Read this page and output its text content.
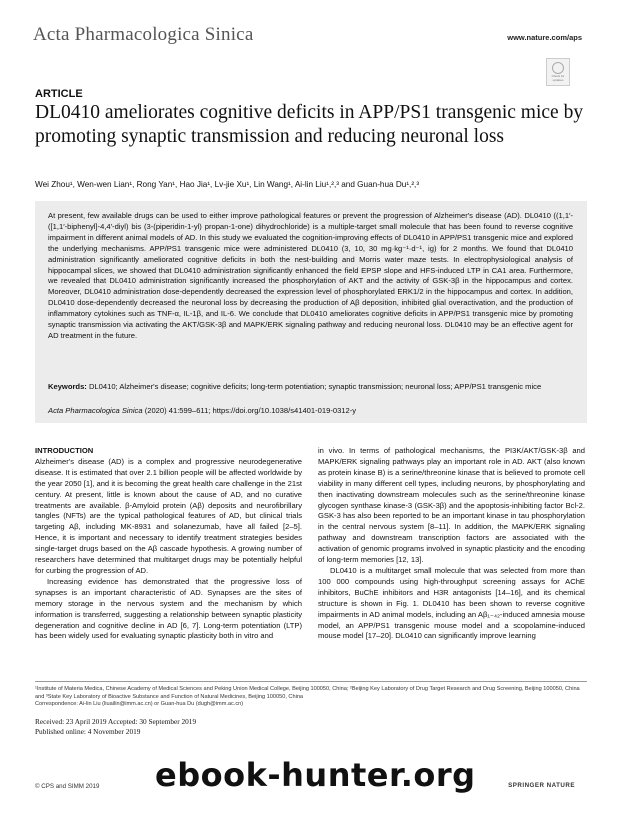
Acta Pharmacologica Sinica	www.nature.com/aps
Check for updates
ARTICLE
DL0410 ameliorates cognitive deficits in APP/PS1 transgenic mice by promoting synaptic transmission and reducing neuronal loss
Wei Zhou¹, Wen-wen Lian¹, Rong Yan¹, Hao Jia¹, Lv-jie Xu¹, Lin Wang¹, Ai-lin Liu¹,²,³ and Guan-hua Du¹,²,³
At present, few available drugs can be used to either improve pathological features or prevent the progression of Alzheimer's disease (AD). DL0410 ((1,1′-([1,1′-biphenyl]-4,4′-diyl) bis (3-(piperidin-1-yl) propan-1-one) dihydrochloride) is a multiple-target small molecule that has been found to reverse cognitive impairment in different animal models of AD. In this study we evaluated the cognition-improving effects of DL0410 in APP/PS1 transgenic mice and explored the underlying mechanisms. APP/PS1 transgenic mice were administered DL0410 (3, 10, 30 mg·kg⁻¹·d⁻¹, ig) for 2 months. We found that DL0410 administration significantly ameliorated cognitive deficits in both the nest-building and Morris water maze tests. In electrophysiological analysis of hippocampal slices, we showed that DL0410 administration significantly enhanced the field EPSP slope and HFS-induced LTP in CA1 area. Furthermore, we revealed that DL0410 administration significantly increased the phosphorylation of AKT and the activity of GSK-3β in the hippocampus and cortex. Moreover, DL0410 administration dose-dependently decreased the expression level of phosphorylated ERK1/2 in the hippocampus and cortex. In addition, DL0410 dose-dependently decreased the neuronal loss by decreasing the production of Aβ deposition, inhibited glial overactivation, and the production of inflammatory cytokines such as TNF-α, IL-1β, and IL-6. We conclude that DL0410 ameliorates cognitive deficits in APP/PS1 transgenic mice by promoting synaptic transmission via activating the AKT/GSK-3β and MAPK/ERK signaling pathway and reducing neuronal loss. DL0410 may be an effective agent for AD treatment in the future.
Keywords: DL0410; Alzheimer's disease; cognitive deficits; long-term potentiation; synaptic transmission; neuronal loss; APP/PS1 transgenic mice
Acta Pharmacologica Sinica (2020) 41:599–611; https://doi.org/10.1038/s41401-019-0312-y
INTRODUCTION

Alzheimer's disease (AD) is a complex and progressive neurodegenerative disease. It is estimated that over 2.1 billion people will be affected worldwide by the year 2050 [1], and it is becoming the great health care challenge in the 21st century. At present, little is known about the cause of AD, and no curative treatments are available. β-Amyloid protein (Aβ) deposits and neurofibrillary tangles (NFTs) are the typical pathological features of AD, but clinical trials targeting Aβ, including MK-8931 and solanezumab, have all failed [2–5]. Hence, it is important and necessary to identify treatment strategies besides single-target drugs based on the Aβ cascade hypothesis. A growing number of researchers have determined that multitarget drugs may be potentially helpful for curbing the progression of AD.

Increasing evidence has demonstrated that the progressive loss of synapses is an important characteristic of AD. Synapses are the sites of memory storage in the nervous system and the mechanism by which information is transferred, suggesting a relationship between synaptic plasticity degeneration and cognitive decline in AD [6, 7]. Long-term potentiation (LTP) has been widely used for evaluating synaptic plasticity both in vitro and

in vivo. In terms of pathological mechanisms, the PI3K/AKT/GSK-3β and MAPK/ERK signaling pathways play an important role in AD. AKT (also known as protein kinase B) is a serine/threonine kinase that is believed to promote cell viability in many different cell types, including neurons, by phosphorylating and then inactivating downstream molecules such as the serine/threonine kinase glycogen synthase kinase-3 (GSK-3β) and the apoptosis-inhibiting factor Bcl-2. GSK-3 has also been reported to be an important kinase in tau phosphorylation in the central nervous system [8–11]. In addition, the MAPK/ERK signaling pathway and downstream transcription factors are associated with the activation of genomic programs involved in synaptic plasticity and the encoding of long-term memories [12, 13].

DL0410 is a multitarget small molecule that was selected from more than 100 000 compounds using high-throughput screening assays for AChE inhibitors, BuChE inhibitors and H3R antagonists [14–16], and its chemical structure is shown in Fig. 1. DL0410 has been shown to reverse cognitive impairments in AD animal models, including an Aβ₁₋₄₂-induced amnesia mouse model, an APP/PS1 transgenic mouse model and a scopolamine-induced mouse model [17–20]. DL0410 can significantly improve learning

¹Institute of Materia Medica, Chinese Academy of Medical Sciences and Peking Union Medical College, Beijing 100050, China; ²Beijing Key Laboratory of Drug Target Research and Drug Screening, Beijing 100050, China and ³State Key Laboratory of Bioactive Substance and Function of Natural Medicines, Beijing 100050, China
Correspondence: Ai-lin Liu (liuailin@imm.ac.cn) or Guan-hua Du (dugh@imm.ac.cn)
Received: 23 April 2019 Accepted: 30 September 2019
Published online: 4 November 2019
© CPS and SIMM 2019	SPRINGER NATURE
ebook-hunter.org
